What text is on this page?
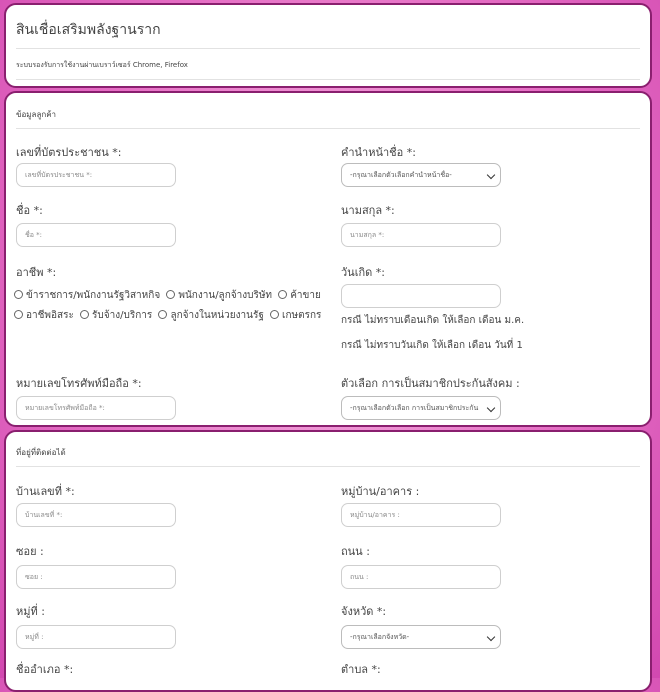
สินเชื่อเสริมพลังฐานราก
ระบบรองรับการใช้งานผ่านเบราว์เซอร์ Chrome, Firefox
ข้อมูลลูกค้า
เลขที่บัตรประชาชน *:
เลขที่บัตรประชาชน *:
ชื่อ *:
ชื่อ *:
อาชีพ *:
ข้าราชการ/พนักงานรัฐวิสาหกิจ พนักงาน/ลูกจ้างบริษัท ค้าขาย
อาชีพอิสระ รับจ้าง/บริการ ลูกจ้างในหน่วยงานรัฐ เกษตรกร
หมายเลขโทรศัพท์มือถือ *:
หมายเลขโทรศัพท์มือถือ *:
คำนำหน้าชื่อ *:
-กรุณาเลือกตัวเลือกคำนำหน้าชื่อ-
นามสกุล *:
นามสกุล *:
วันเกิด *:
กรณี ไม่ทราบเดือนเกิด ให้เลือก เดือน ม.ค.
กรณี ไม่ทราบวันเกิด ให้เลือก เดือน วันที่ 1
ตัวเลือก การเป็นสมาชิกประกันสังคม :
-กรุณาเลือกตัวเลือก การเป็นสมาชิกประกัน
ที่อยู่ที่ติดต่อได้
บ้านเลขที่ *:
บ้านเลขที่ *:
ซอย :
ซอย :
หมู่ที่ :
หมู่ที่ :
ชื่ออำเภอ *:
หมู่บ้าน/อาคาร :
หมู่บ้าน/อาคาร :
ถนน :
ถนน :
จังหวัด *:
-กรุณาเลือกจังหวัด-
ตำบล *:
